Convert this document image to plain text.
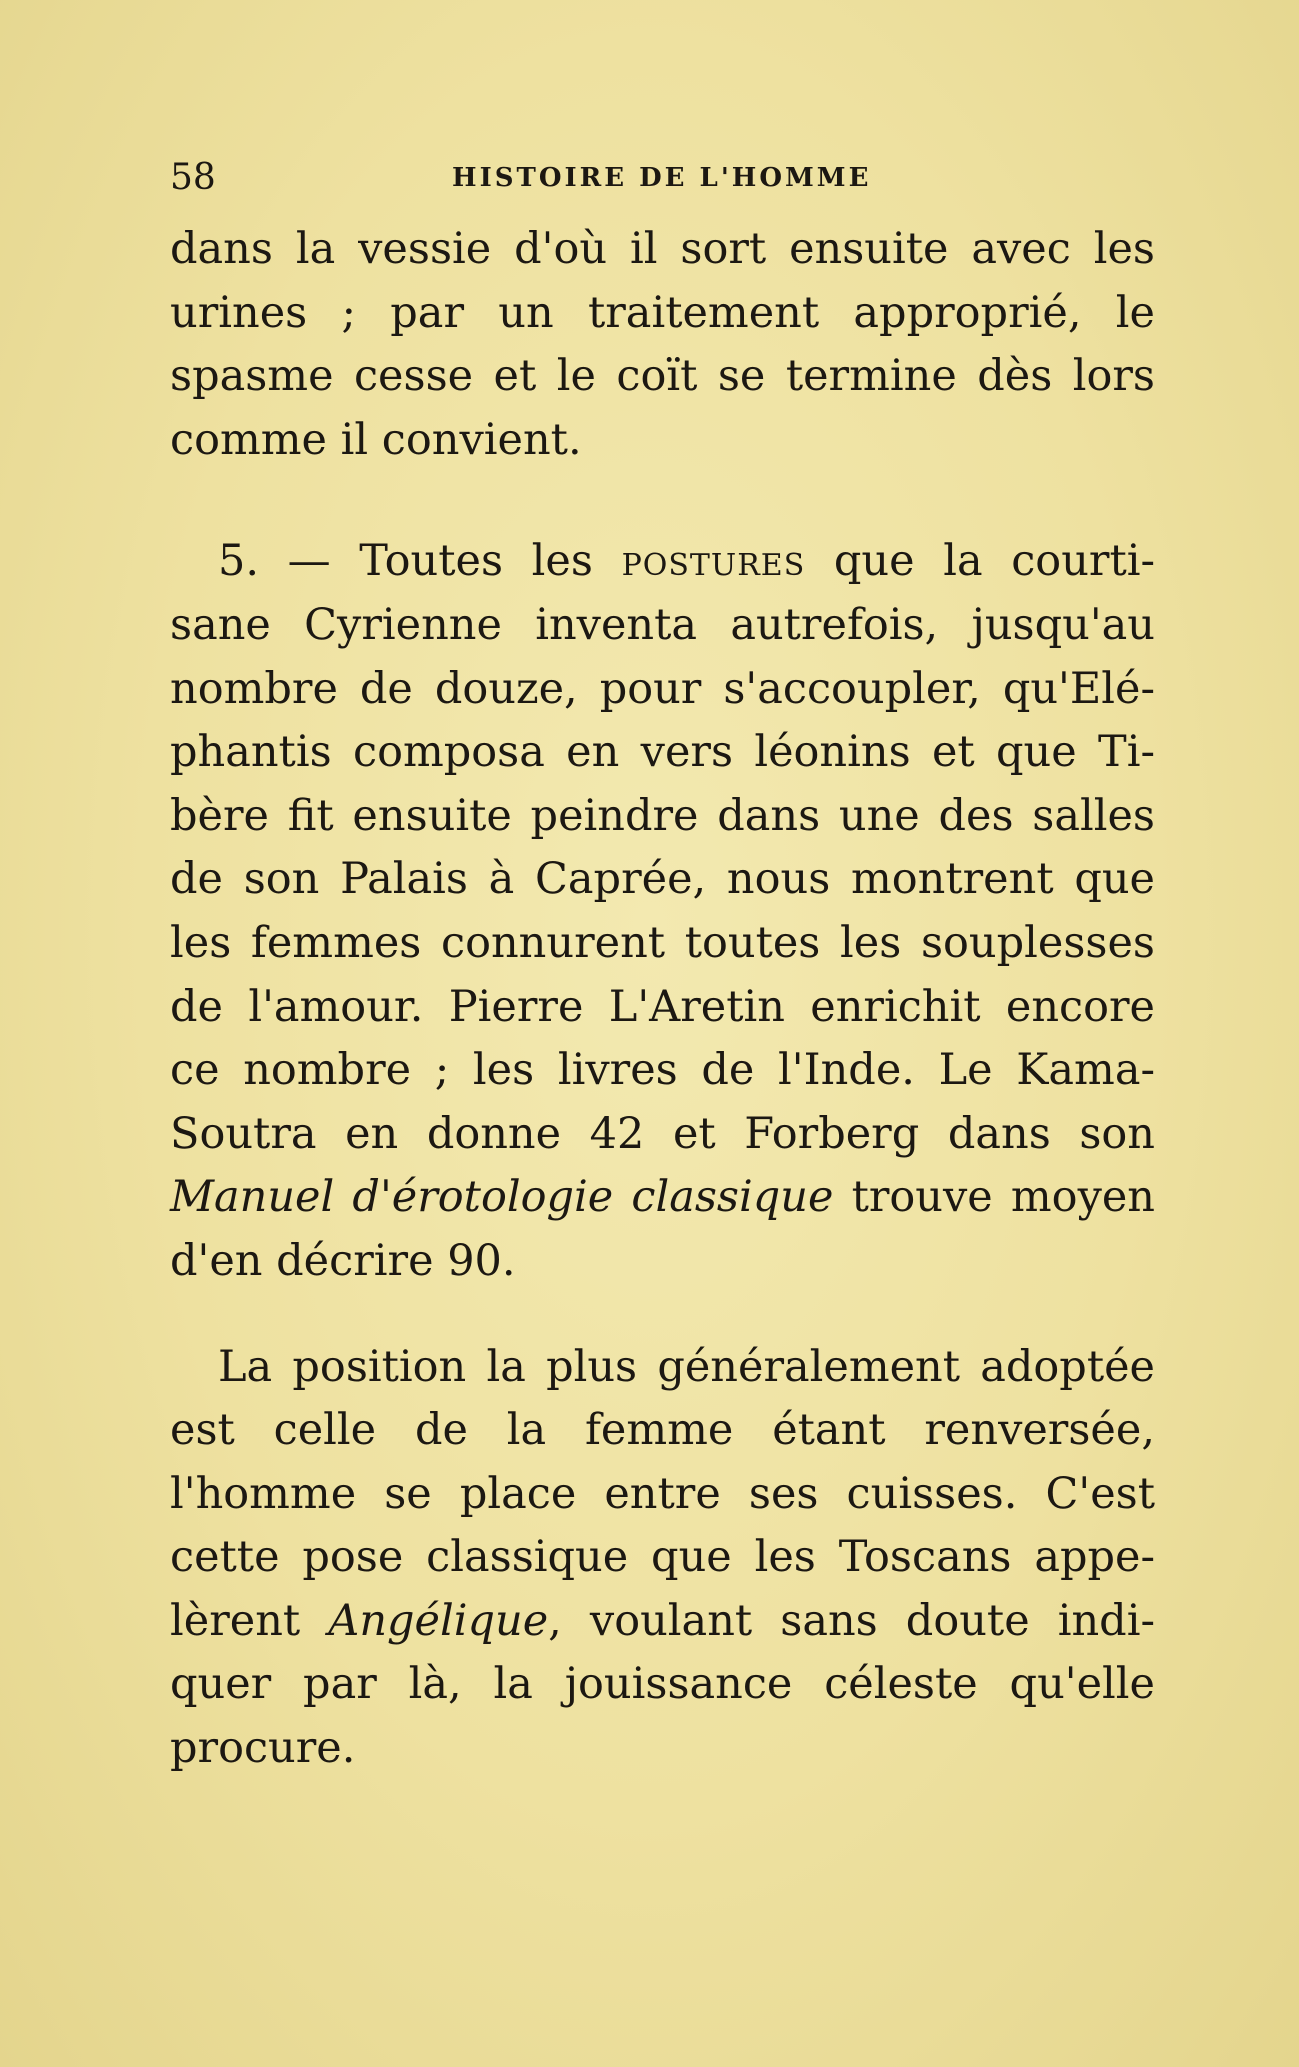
58	HISTOIRE DE L'HOMME

dans la vessie d'où il sort ensuite avec les
urines ; par un traitement approprié, le
spasme cesse et le coït se termine dès lors
comme il convient.

5. — Toutes les postures que la courti-
sane Cyrienne inventa autrefois, jusqu'au
nombre de douze, pour s'accoupler, qu'Elé-
phantis composa en vers léonins et que Ti-
bère fit ensuite peindre dans une des salles
de son Palais à Caprée, nous montrent que
les femmes connurent toutes les souplesses
de l'amour. Pierre L'Aretin enrichit encore
ce nombre ; les livres de l'Inde. Le Kama-
Soutra en donne 42 et Forberg dans son
Manuel d'érotologie classique trouve moyen
d'en décrire 90.

La position la plus généralement adoptée
est celle de la femme étant renversée,
l'homme se place entre ses cuisses. C'est
cette pose classique que les Toscans appe-
lèrent Angélique, voulant sans doute indi-
quer par là, la jouissance céleste qu'elle
procure.
